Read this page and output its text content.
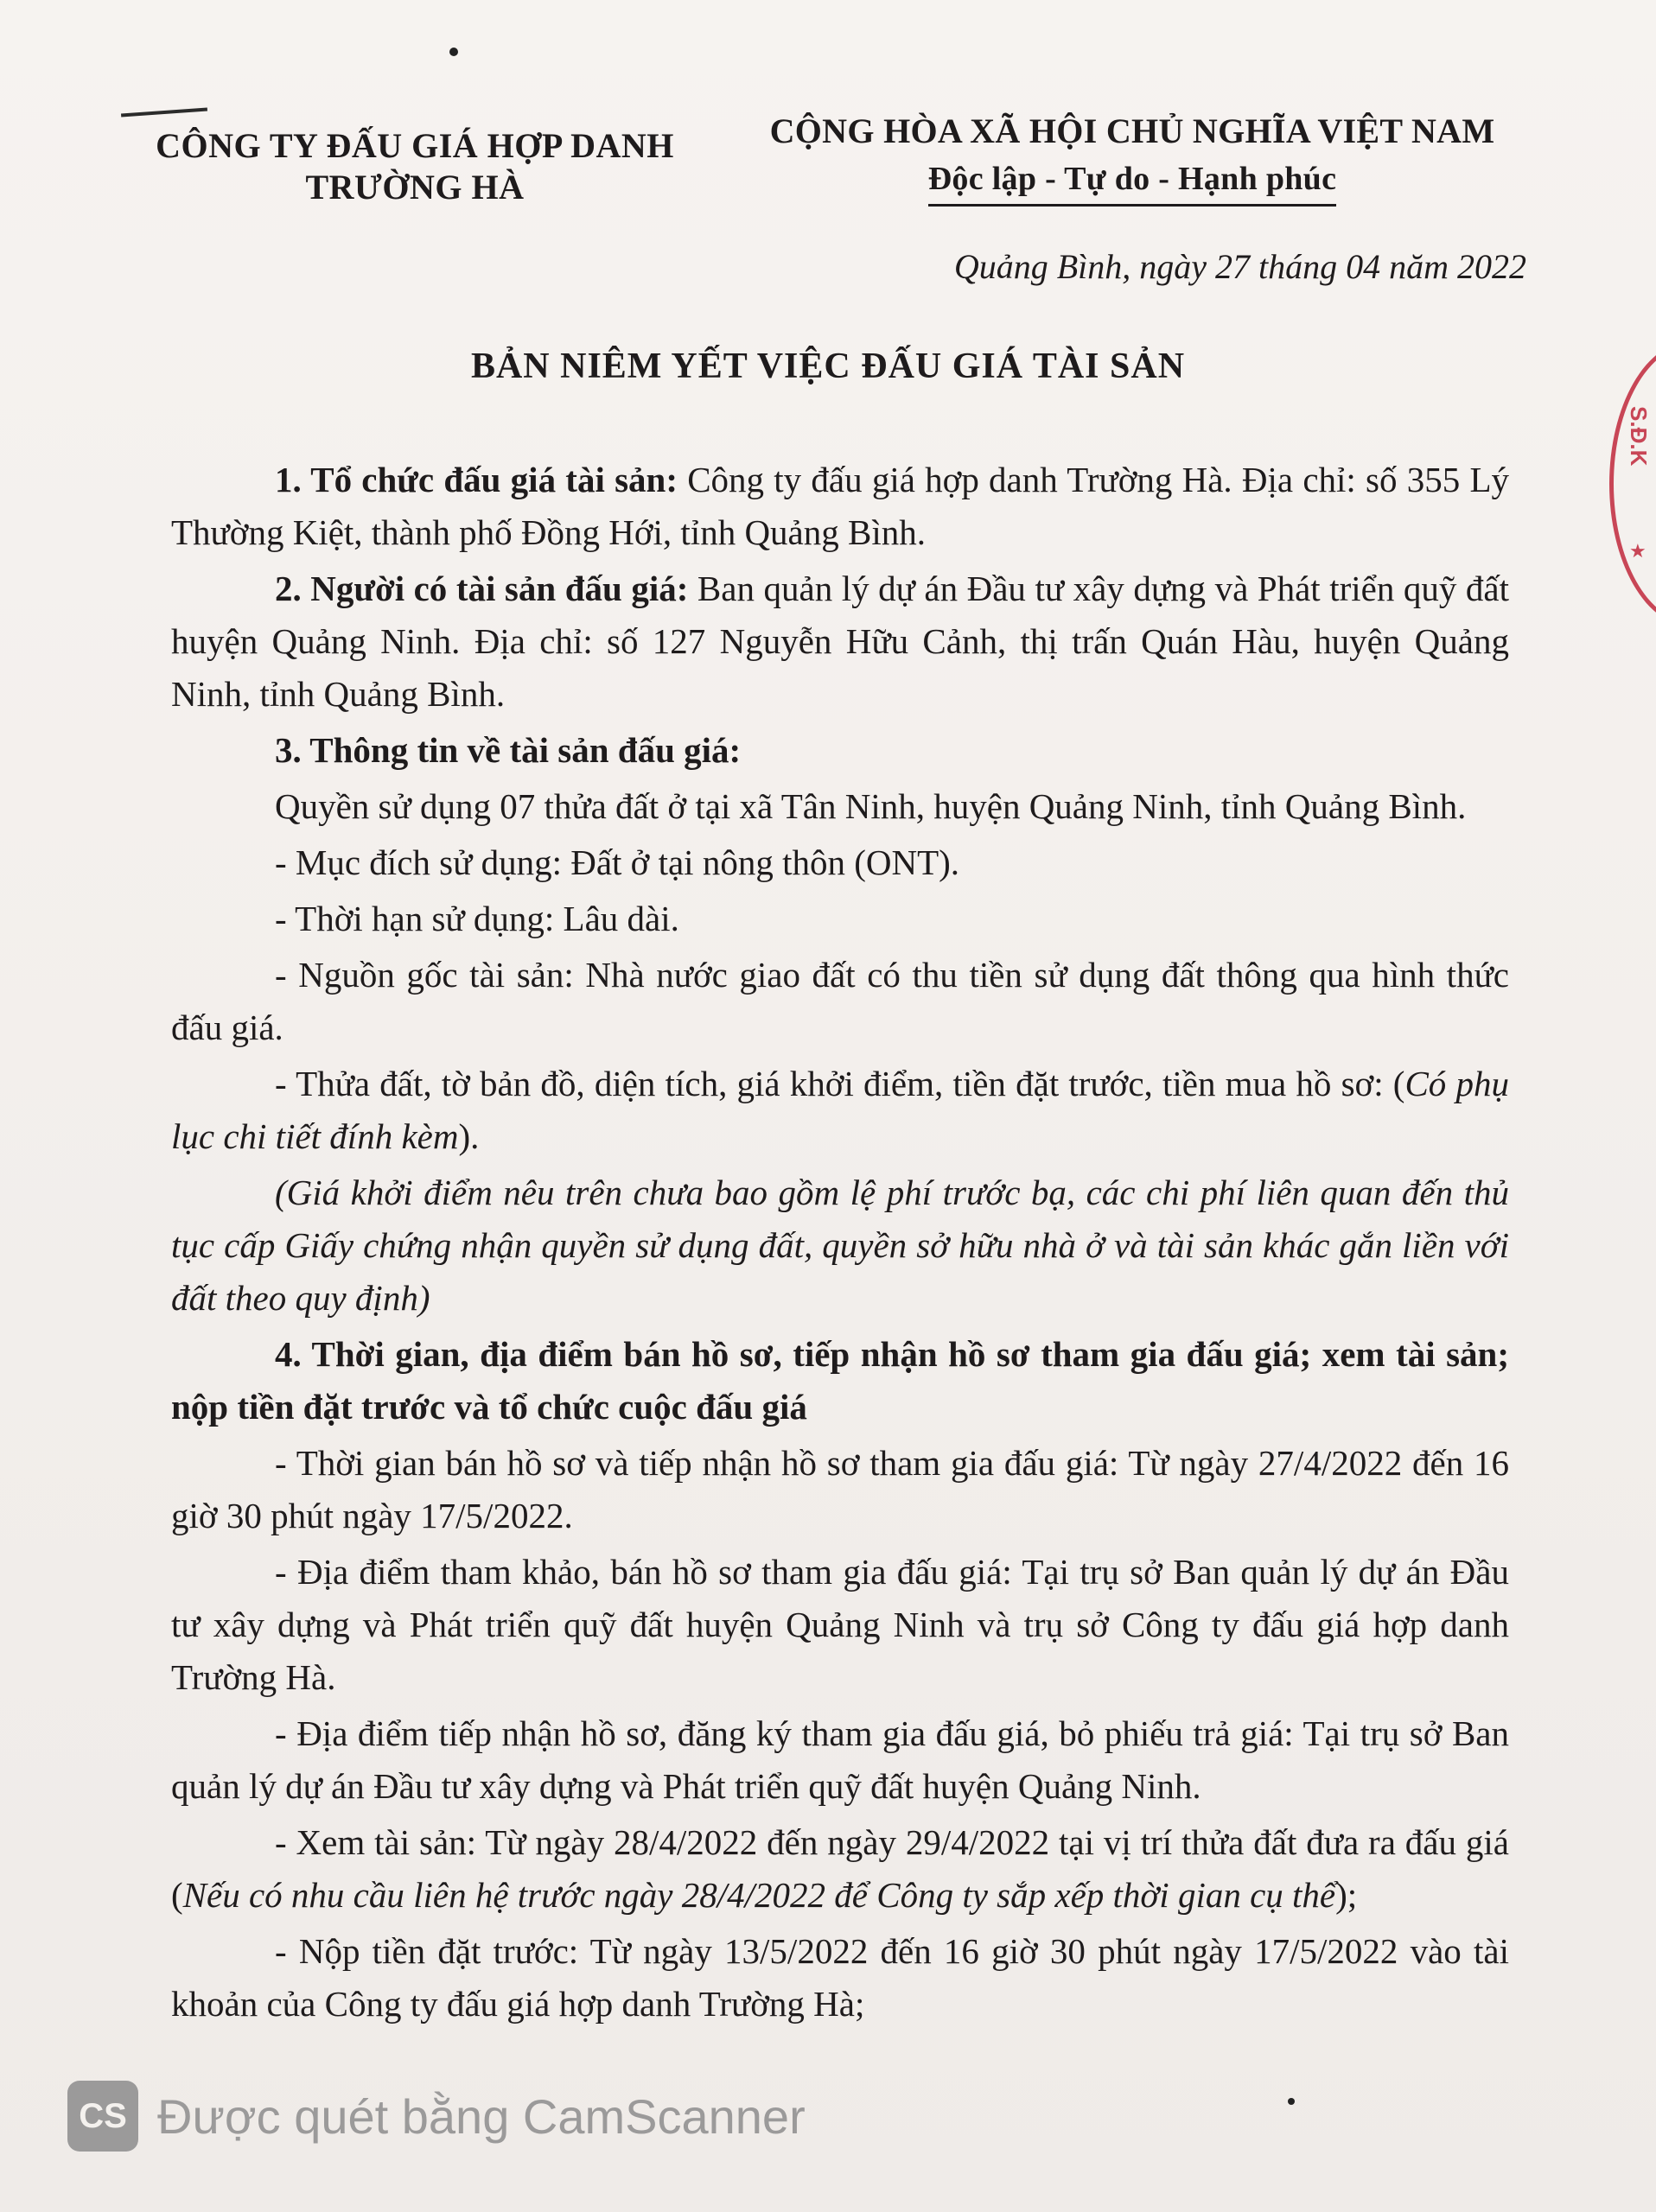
CÔNG TY ĐẤU GIÁ HỢP DANH
TRƯỜNG HÀ
CỘNG HÒA XÃ HỘI CHỦ NGHĨA VIỆT NAM
Độc lập - Tự do - Hạnh phúc
Quảng Bình, ngày 27 tháng 04 năm 2022
BẢN NIÊM YẾT VIỆC ĐẤU GIÁ TÀI SẢN
S.Đ.K
★

1. Tổ chức đấu giá tài sản: Công ty đấu giá hợp danh Trường Hà. Địa chỉ: số 355 Lý Thường Kiệt, thành phố Đồng Hới, tỉnh Quảng Bình.

2. Người có tài sản đấu giá: Ban quản lý dự án Đầu tư xây dựng và Phát triển quỹ đất huyện Quảng Ninh. Địa chỉ: số 127 Nguyễn Hữu Cảnh, thị trấn Quán Hàu, huyện Quảng Ninh, tỉnh Quảng Bình.

3. Thông tin về tài sản đấu giá:

Quyền sử dụng 07 thửa đất ở tại xã Tân Ninh, huyện Quảng Ninh, tỉnh Quảng Bình.

- Mục đích sử dụng: Đất ở tại nông thôn (ONT).

- Thời hạn sử dụng: Lâu dài.

- Nguồn gốc tài sản: Nhà nước giao đất có thu tiền sử dụng đất thông qua hình thức đấu giá.

- Thửa đất, tờ bản đồ, diện tích, giá khởi điểm, tiền đặt trước, tiền mua hồ sơ: (Có phụ lục chi tiết đính kèm).

(Giá khởi điểm nêu trên chưa bao gồm lệ phí trước bạ, các chi phí liên quan đến thủ tục cấp Giấy chứng nhận quyền sử dụng đất, quyền sở hữu nhà ở và tài sản khác gắn liền với đất theo quy định)

4. Thời gian, địa điểm bán hồ sơ, tiếp nhận hồ sơ tham gia đấu giá; xem tài sản; nộp tiền đặt trước và tổ chức cuộc đấu giá

- Thời gian bán hồ sơ và tiếp nhận hồ sơ tham gia đấu giá: Từ ngày 27/4/2022 đến 16 giờ 30 phút ngày 17/5/2022.

- Địa điểm tham khảo, bán hồ sơ tham gia đấu giá: Tại trụ sở Ban quản lý dự án Đầu tư xây dựng và Phát triển quỹ đất huyện Quảng Ninh và trụ sở Công ty đấu giá hợp danh Trường Hà.

- Địa điểm tiếp nhận hồ sơ, đăng ký tham gia đấu giá, bỏ phiếu trả giá: Tại trụ sở Ban quản lý dự án Đầu tư xây dựng và Phát triển quỹ đất huyện Quảng Ninh.

- Xem tài sản: Từ ngày 28/4/2022 đến ngày 29/4/2022 tại vị trí thửa đất đưa ra đấu giá (Nếu có nhu cầu liên hệ trước ngày 28/4/2022 để Công ty sắp xếp thời gian cụ thể);

- Nộp tiền đặt trước: Từ ngày 13/5/2022 đến 16 giờ 30 phút ngày 17/5/2022 vào tài khoản của Công ty đấu giá hợp danh Trường Hà;

CS Được quét bằng CamScanner
